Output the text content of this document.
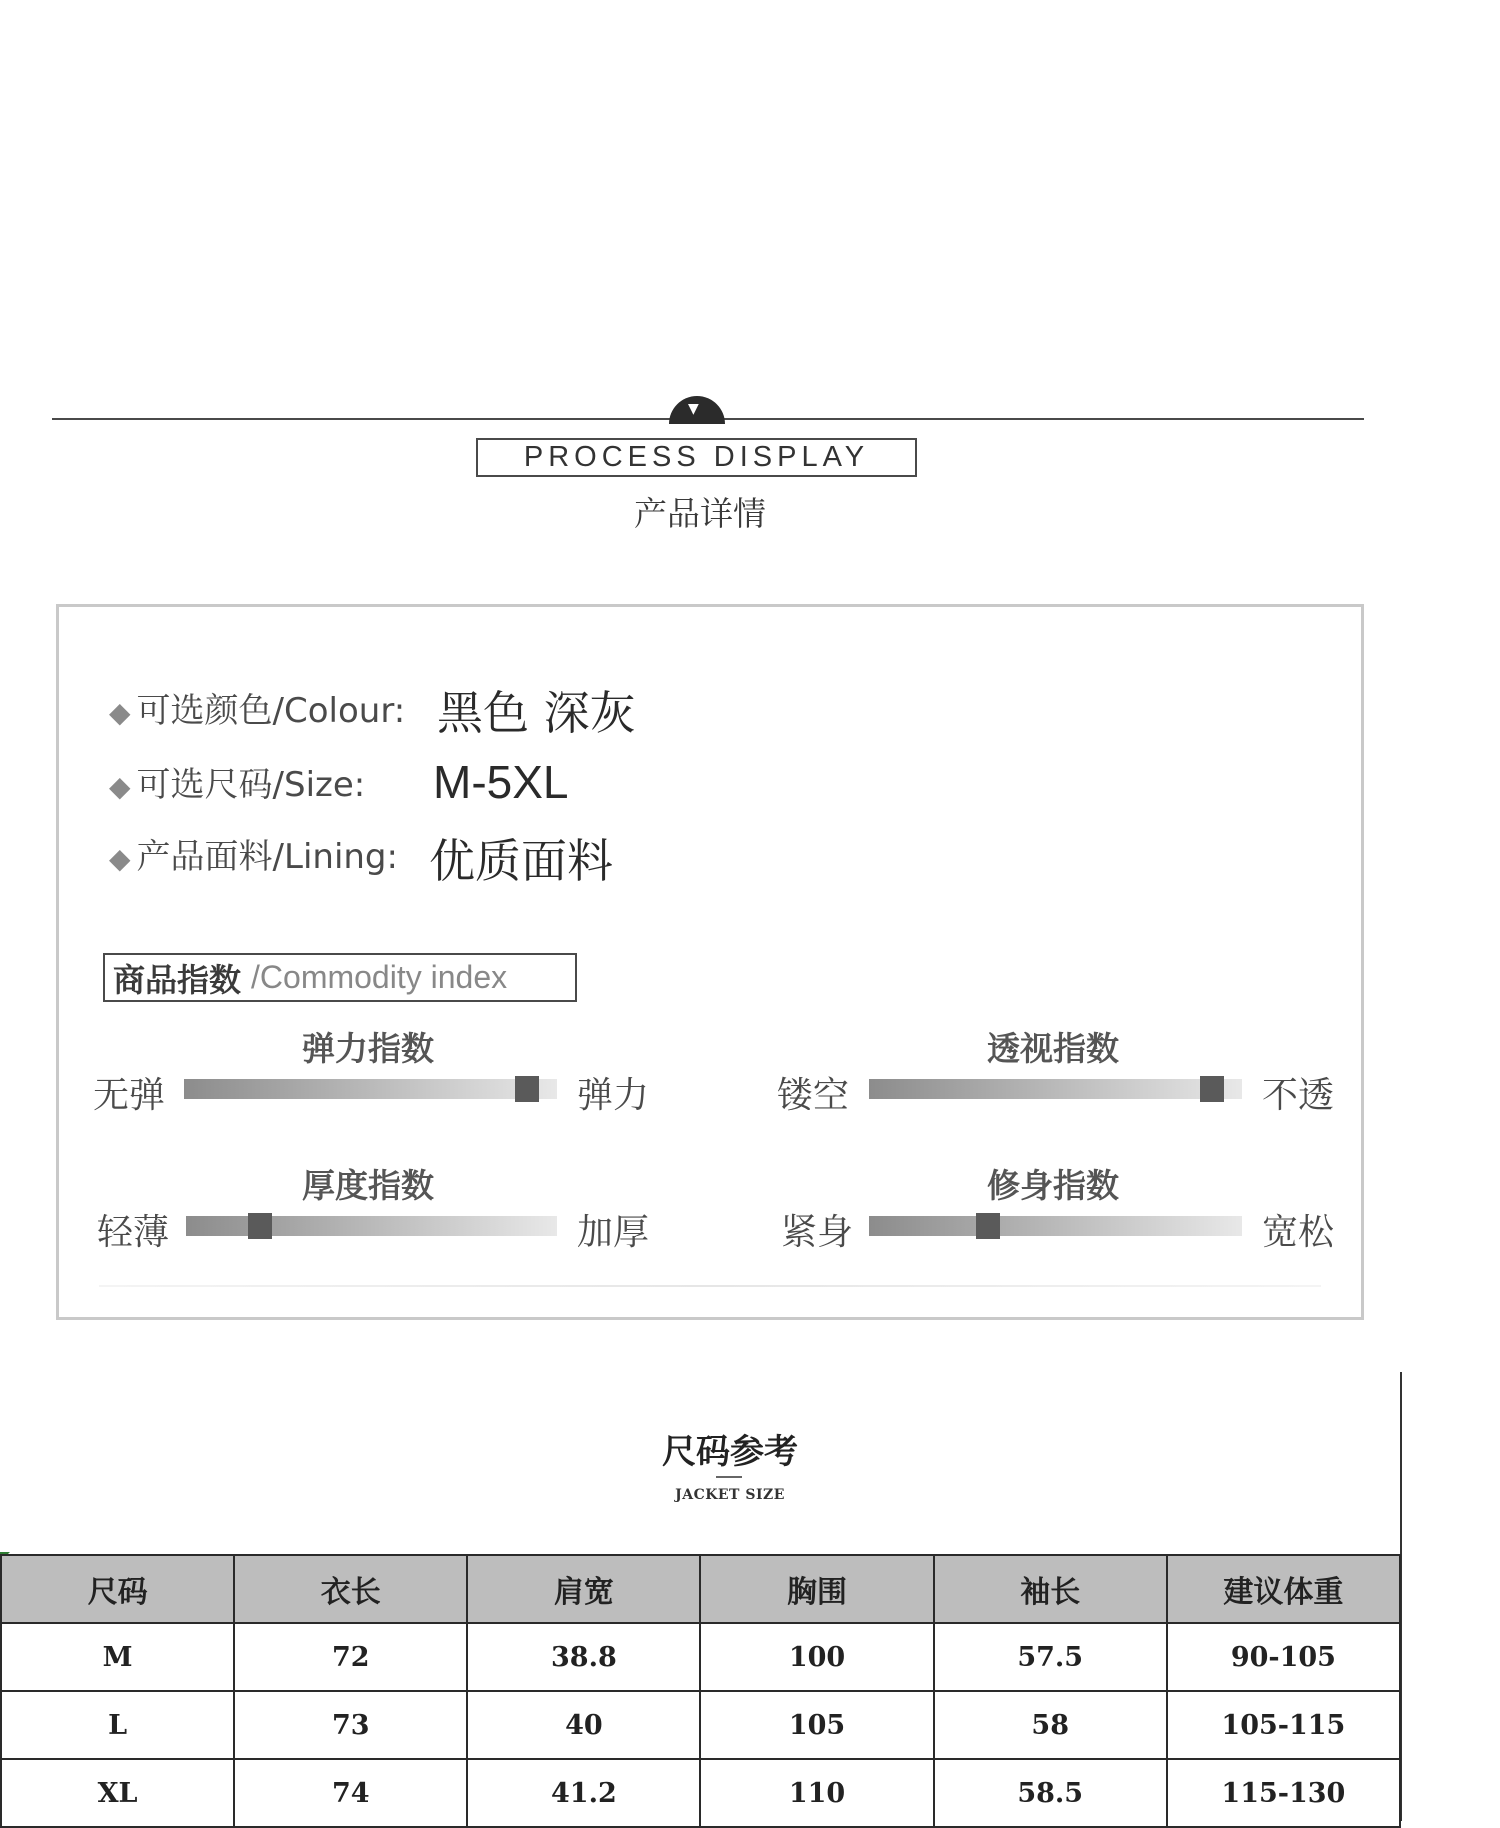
▼
PROCESS DISPLAY
产品详情
◆ 可选颜色/Colour: 黑色 深灰
◆ 可选尺码/Size: M-5XL
◆ 产品面料/Lining: 优质面料
商品指数 /Commodity index
弹力指数
无弹	弹力
透视指数
镂空	不透
厚度指数
轻薄	加厚
修身指数
紧身	宽松
尺码参考
JACKET SIZE
尺码	衣长	肩宽	胸围	袖长	建议体重
M	72	38.8	100	57.5	90-105
L	73	40	105	58	105-115
XL	74	41.2	110	58.5	115-130
